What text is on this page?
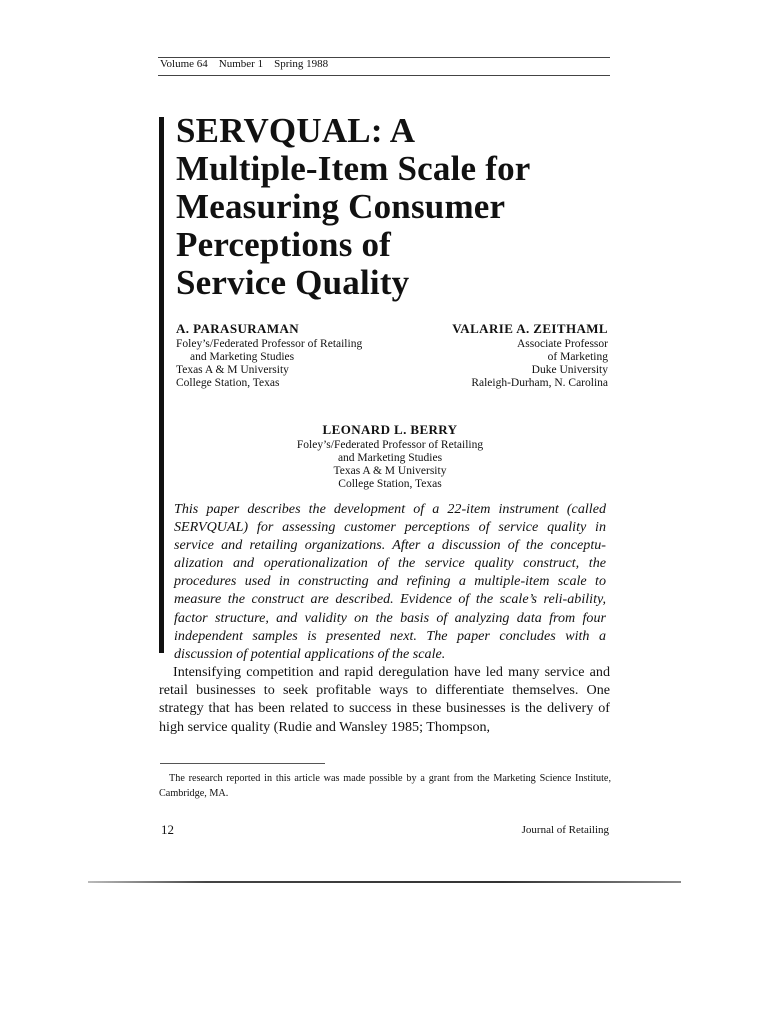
Volume 64 Number 1 Spring 1988
SERVQUAL: A
Multiple-Item Scale for
Measuring Consumer
Perceptions of
Service Quality
A. PARASURAMAN
Foley’s/Federated Professor of Retailing
and Marketing Studies
Texas A & M University
College Station, Texas
VALARIE A. ZEITHAML
Associate Professor
of Marketing
Duke University
Raleigh-Durham, N. Carolina
LEONARD L. BERRY
Foley’s/Federated Professor of Retailing
and Marketing Studies
Texas A & M University
College Station, Texas
This paper describes the development of a 22-item instrument (called SERVQUAL) for assessing customer perceptions of service quality in service and retailing organizations. After a discussion of the conceptu-alization and operationalization of the service quality construct, the procedures used in constructing and refining a multiple-item scale to measure the construct are described. Evidence of the scale’s reli-ability, factor structure, and validity on the basis of analyzing data from four independent samples is presented next. The paper concludes with a discussion of potential applications of the scale.

Intensifying competition and rapid deregulation have led many service and retail businesses to seek profitable ways to differentiate themselves. One strategy that has been related to success in these businesses is the delivery of high service quality (Rudie and Wansley 1985; Thompson,

The research reported in this article was made possible by a grant from the Marketing Science Institute, Cambridge, MA.
12	Journal of Retailing
